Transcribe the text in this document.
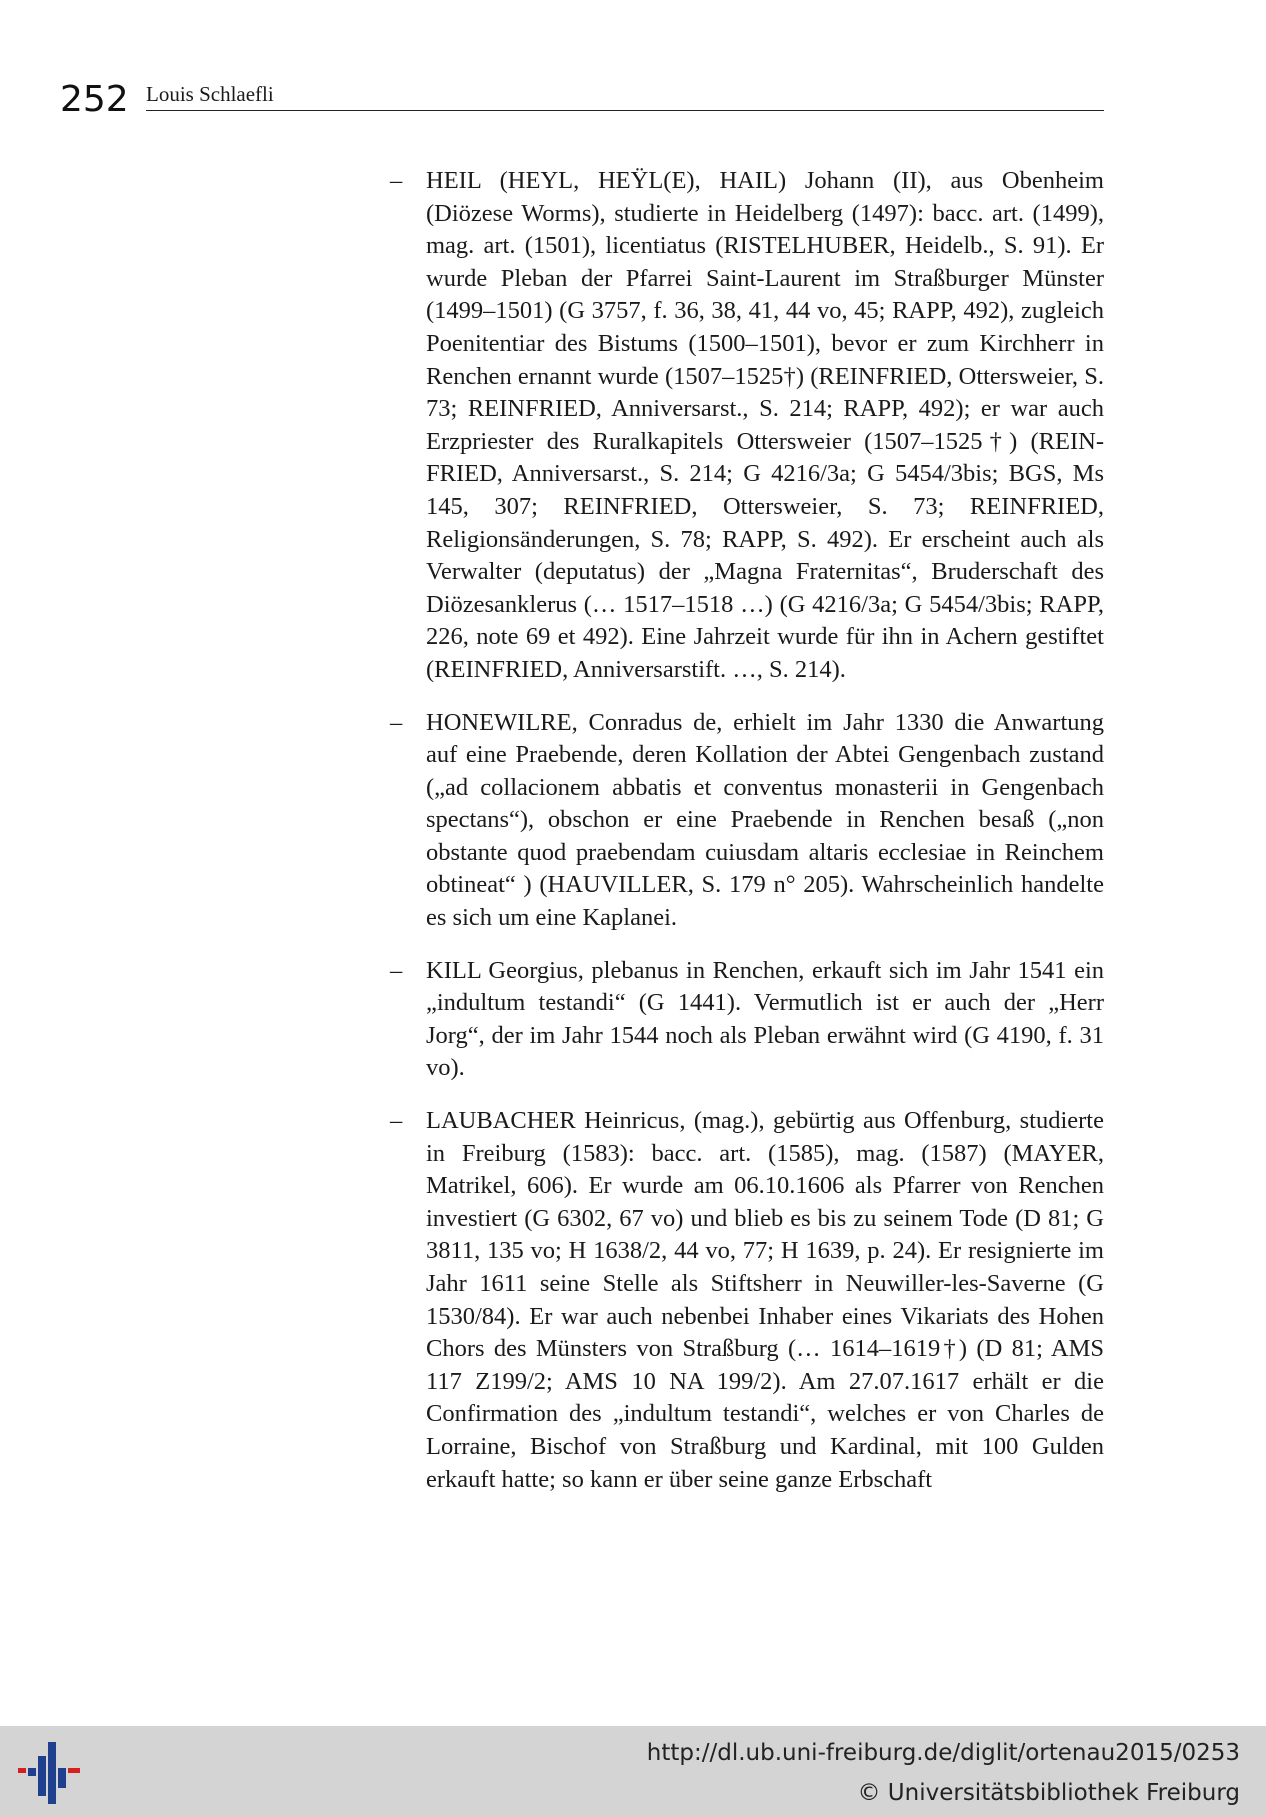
252 Louis Schlaefli
– HEIL (HEYL, HEŸL(E), HAIL) Johann (II), aus Obenheim (Diözese Worms), studierte in Heidelberg (1497): bacc. art. (1499), mag. art. (1501), licentiatus (RISTELHUBER, Heidelb., S. 91). Er wurde Pleban der Pfarrei Saint-Laurent im Straßburger Münster (1499–1501) (G 3757, f. 36, 38, 41, 44 vo, 45; RAPP, 492), zugleich Poenitentiar des Bistums (1500–1501), bevor er zum Kirchherr in Renchen ernannt wurde (1507–1525†) (REINFRIED, Ottersweier, S. 73; REINFRIED, Anniversarst., S. 214; RAPP, 492); er war auch Erzpriester des Ruralkapitels Ottersweier (1507–1525†) (REINFRIED, Anniversarst., S. 214; G 4216/3a; G 5454/3bis; BGS, Ms 145, 307; REINFRIED, Ottersweier, S. 73; REINFRIED, Religionsänderungen, S. 78; RAPP, S. 492). Er erscheint auch als Verwalter (deputatus) der „Magna Fraternitas“, Bruderschaft des Diözesanklerus (… 1517–1518 …) (G 4216/3a; G 5454/3bis; RAPP, 226, note 69 et 492). Eine Jahrzeit wurde für ihn in Achern gestiftet (REINFRIED, Anniversarstift. …, S. 214).
– HONEWILRE, Conradus de, erhielt im Jahr 1330 die Anwartung auf eine Praebende, deren Kollation der Abtei Gengenbach zustand („ad collacionem abbatis et conventus monasterii in Gengenbach spectans“), obschon er eine Praebende in Renchen besaß („non obstante quod praebendam cuiusdam altaris ecclesiae in Reinchem obtineat“ ) (HAUVILLER, S. 179 n° 205). Wahrscheinlich handelte es sich um eine Kaplanei.
– KILL Georgius, plebanus in Renchen, erkauft sich im Jahr 1541 ein „indultum testandi“ (G 1441). Vermutlich ist er auch der „Herr Jorg“, der im Jahr 1544 noch als Pleban erwähnt wird (G 4190, f. 31 vo).
– LAUBACHER Heinricus, (mag.), gebürtig aus Offenburg, studierte in Freiburg (1583): bacc. art. (1585), mag. (1587) (MAYER, Matrikel, 606). Er wurde am 06.10.1606 als Pfarrer von Renchen investiert (G 6302, 67 vo) und blieb es bis zu seinem Tode (D 81; G 3811, 135 vo; H 1638/2, 44 vo, 77; H 1639, p. 24). Er resignierte im Jahr 1611 seine Stelle als Stiftsherr in Neuwiller-les-Saverne (G 1530/84). Er war auch nebenbei Inhaber eines Vikariats des Hohen Chors des Münsters von Straßburg (… 1614–1619†) (D 81; AMS 117 Z199/2; AMS 10 NA 199/2). Am 27.07.1617 erhält er die Confirmation des „indultum testandi“, welches er von Charles de Lorraine, Bischof von Straßburg und Kardinal, mit 100 Gulden erkauft hatte; so kann er über seine ganze Erbschaft
http://dl.ub.uni-freiburg.de/diglit/ortenau2015/0253
© Universitätsbibliothek Freiburg
